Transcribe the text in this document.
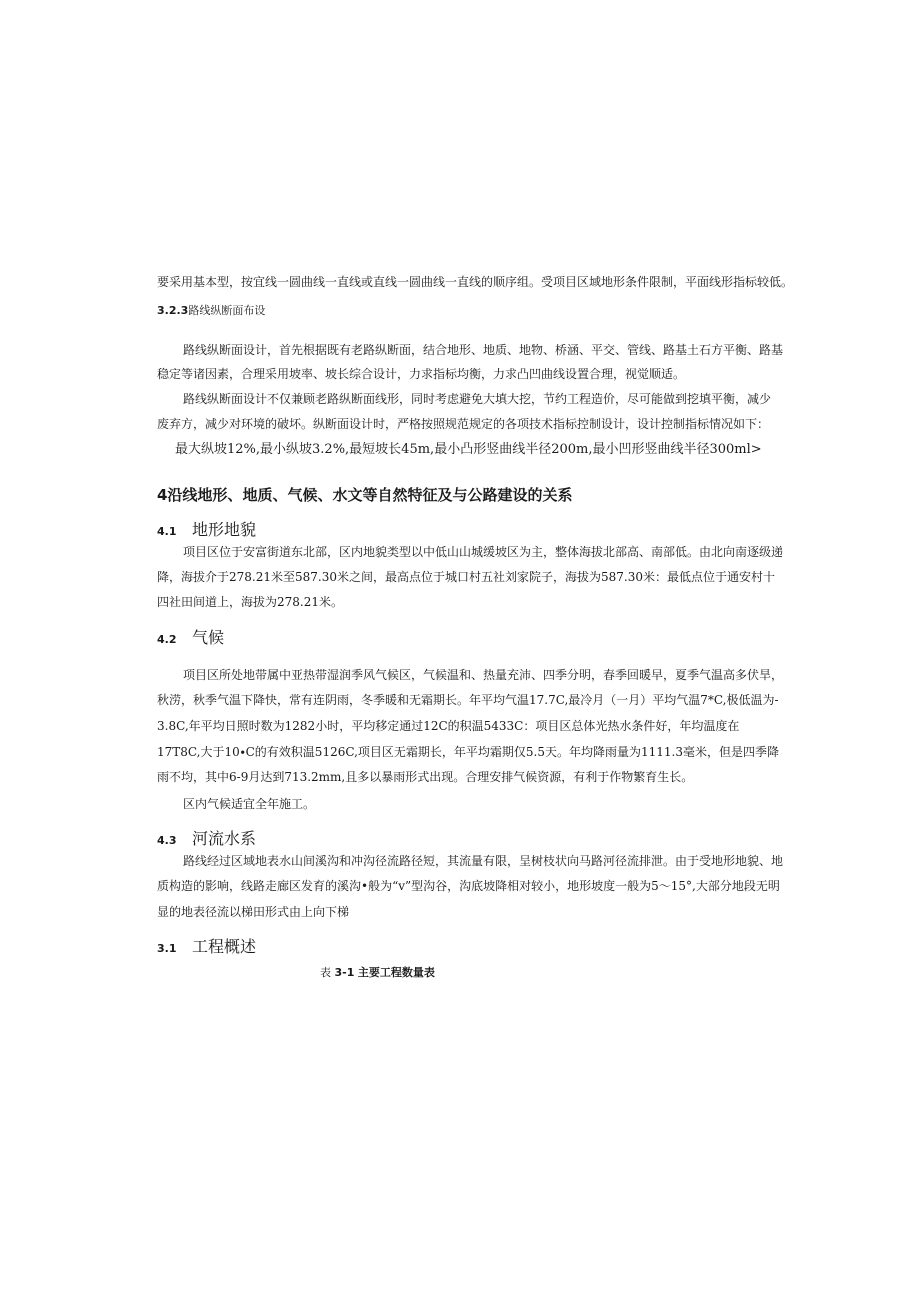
要采用基本型，按宜线一圆曲线一直线或直线一圆曲线一直线的顺序组。受项目区域地形条件限制，平面线形指标较低。
3.2.3路线纵断面布设
路线纵断面设计，首先根据既有老路纵断面，结合地形、地质、地物、桥涵、平交、管线、路基土石方平衡、路基
稳定等诸因素，合理采用坡率、坡长综合设计，力求指标均衡，力求凸凹曲线设置合理，视觉顺适。
路线纵断面设计不仅兼顾老路纵断面线形，同时考虑避免大填大挖，节约工程造价，尽可能做到挖填平衡，减少
废弃方，减少对环境的破坏。纵断面设计时，严格按照规范规定的各项技术指标控制设计，设计控制指标情况如下：
最大纵坡12%,最小纵坡3.2%,最短坡长45m,最小凸形竖曲线半径200m,最小凹形竖曲线半径300ml>
4沿线地形、地质、气候、水文等自然特征及与公路建设的关系
4.1 地形地貌
项目区位于安富街道东北部，区内地貌类型以中低山山城缓坡区为主，整体海拔北部高、南部低。由北向南逐级递
降，海拔介于278.21米至587.30米之间，最高点位于城口村五社刘家院子，海拔为587.30米：最低点位于通安村十
四社田间道上，海拔为278.21米。
4.2 气候
项目区所处地带属中亚热带湿润季风气候区，气候温和、热量充沛、四季分明，春季回暖早，夏季气温高多伏旱，
秋涝，秋季气温下降快，常有连阴雨，冬季暖和无霜期长。年平均气温17.7C,最冷月（一月）平均气温7*C,极低温为-
3.8C,年平均日照时数为1282小时，平均移定通过12C的积温5433C：项目区总体光热水条件好，年均温度在
17T8C,大于10∙C的有效积温5126C,项目区无霜期长，年平均霜期仅5.5天。年均降雨量为1111.3毫米，但是四季降
雨不均，其中6-9月达到713.2mm,且多以暴雨形式出现。合理安排气候资源，有利于作物繁育生长。
区内气候适宜全年施工。
4.3 河流水系
路线经过区域地表水山间溪沟和冲沟径流路径短，其流量有限，呈树枝状向马路河径流排泄。由于受地形地貌、地
质构造的影响，线路走廊区发育的溪沟•般为“v”型沟谷，沟底坡降相对较小，地形坡度一般为5～15°,大部分地段无明
显的地表径流以梯田形式由上向下梯
3.1 工程概述
表 3-1 主要工程数量表
